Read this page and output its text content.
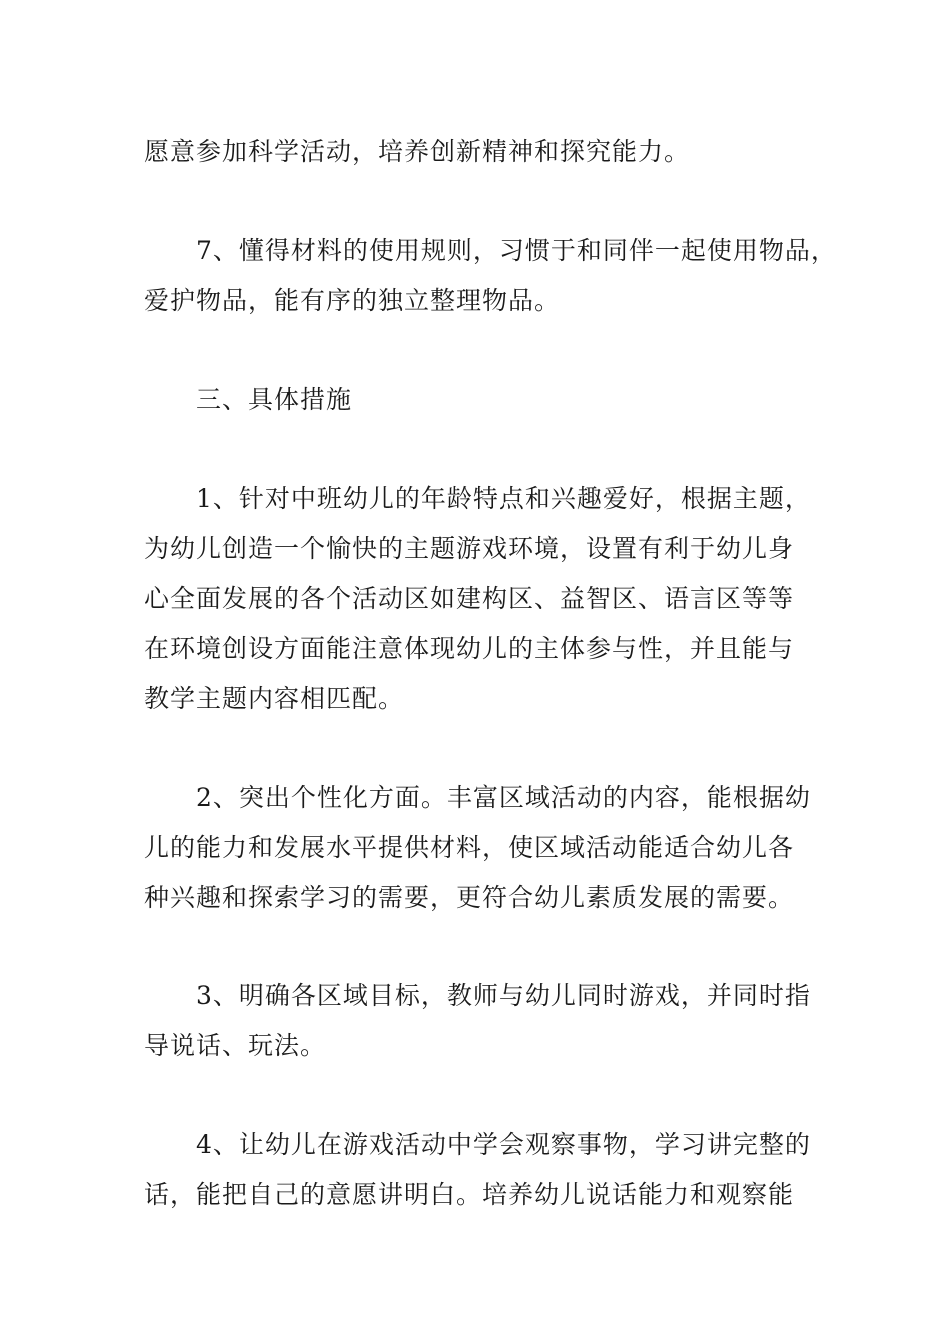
愿意参加科学活动，培养创新精神和探究能力。
7、懂得材料的使用规则，习惯于和同伴一起使用物品，
爱护物品，能有序的独立整理物品。
三、具体措施
1、针对中班幼儿的年龄特点和兴趣爱好，根据主题，
为幼儿创造一个愉快的主题游戏环境，设置有利于幼儿身
心全面发展的各个活动区如建构区、益智区、语言区等等
在环境创设方面能注意体现幼儿的主体参与性，并且能与
教学主题内容相匹配。
2、突出个性化方面。丰富区域活动的内容，能根据幼
儿的能力和发展水平提供材料，使区域活动能适合幼儿各
种兴趣和探索学习的需要，更符合幼儿素质发展的需要。
3、明确各区域目标，教师与幼儿同时游戏，并同时指
导说话、玩法。
4、让幼儿在游戏活动中学会观察事物，学习讲完整的
话，能把自己的意愿讲明白。培养幼儿说话能力和观察能
